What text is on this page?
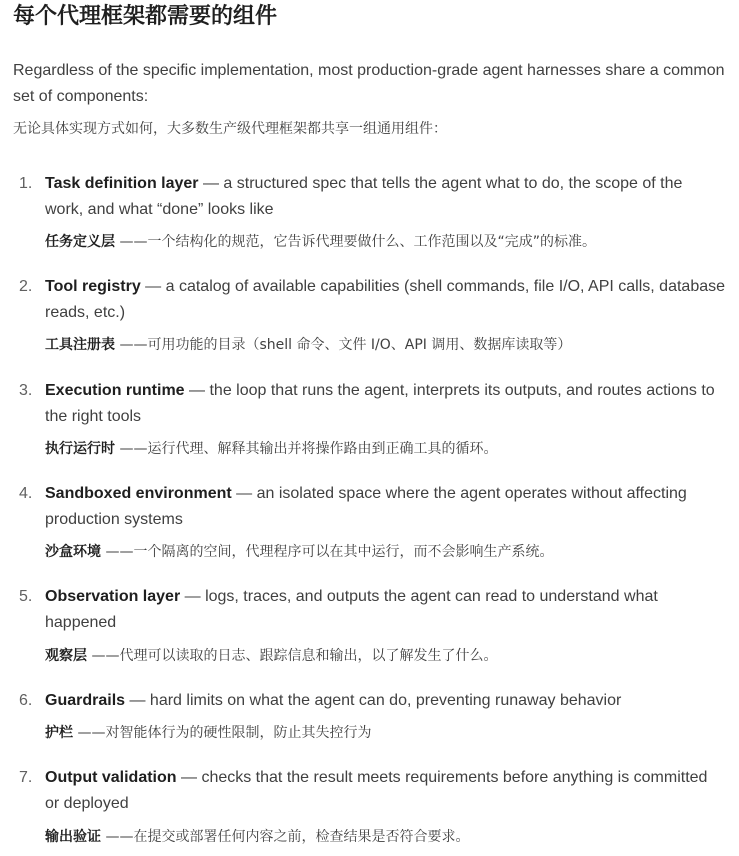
每个代理框架都需要的组件

Regardless of the specific implementation, most production-grade agent harnesses share a common set of components:

无论具体实现方式如何，大多数生产级代理框架都共享一组通用组件：

1. Task definition layer — a structured spec that tells the agent what to do, the scope of the work, and what “done” looks like

任务定义层 ——一个结构化的规范，它告诉代理要做什么、工作范围以及“完成”的标准。

2. Tool registry — a catalog of available capabilities (shell commands, file I/O, API calls, database reads, etc.)

工具注册表 ——可用功能的目录（shell 命令、文件 I/O、API 调用、数据库读取等）

3. Execution runtime — the loop that runs the agent, interprets its outputs, and routes actions to the right tools

执行运行时 ——运行代理、解释其输出并将操作路由到正确工具的循环。

4. Sandboxed environment — an isolated space where the agent operates without affecting production systems

沙盒环境 ——一个隔离的空间，代理程序可以在其中运行，而不会影响生产系统。

5. Observation layer — logs, traces, and outputs the agent can read to understand what happened

观察层 ——代理可以读取的日志、跟踪信息和输出，以了解发生了什么。

6. Guardrails — hard limits on what the agent can do, preventing runaway behavior

护栏 ——对智能体行为的硬性限制，防止其失控行为

7. Output validation — checks that the result meets requirements before anything is committed or deployed

输出验证 ——在提交或部署任何内容之前，检查结果是否符合要求。
